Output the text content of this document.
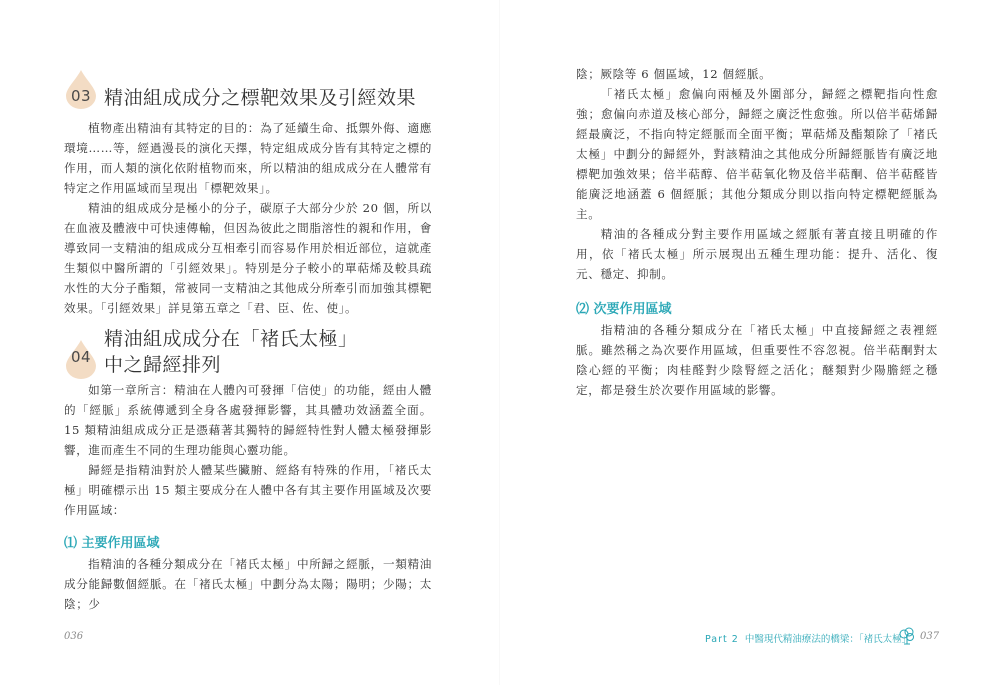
03 精油組成成分之標靶效果及引經效果

植物產出精油有其特定的目的：為了延續生命、抵禦外侮、適應環境……等，經過漫長的演化天擇，特定組成成分皆有其特定之標的作用，而人類的演化依附植物而來，所以精油的組成成分在人體常有特定之作用區域而呈現出「標靶效果」。

精油的組成成分是極小的分子，碳原子大部分少於 20 個，所以在血液及體液中可快速傳輸，但因為彼此之間脂溶性的親和作用，會導致同一支精油的組成成分互相牽引而容易作用於相近部位，這就產生類似中醫所謂的「引經效果」。特別是分子較小的單萜烯及較具疏水性的大分子酯類，常被同一支精油之其他成分所牽引而加強其標靶效果。「引經效果」詳見第五章之「君、臣、佐、使」。

04
精油組成成分在「褚氏太極」
中之歸經排列

如第一章所言：精油在人體內可發揮「信使」的功能，經由人體的「經脈」系統傳遞到全身各處發揮影響，其具體功效涵蓋全面。15 類精油組成成分正是憑藉著其獨特的歸經特性對人體太極發揮影響，進而產生不同的生理功能與心靈功能。

歸經是指精油對於人體某些臟腑、經絡有特殊的作用，「褚氏太極」明確標示出 15 類主要成分在人體中各有其主要作用區域及次要作用區域：

⑴ 主要作用區域

指精油的各種分類成分在「褚氏太極」中所歸之經脈，一類精油成分能歸數個經脈。在「褚氏太極」中劃分為太陽；陽明；少陽；太陰；少

036

陰；厥陰等 6 個區域，12 個經脈。

「褚氏太極」愈偏向兩極及外圍部分，歸經之標靶指向性愈強；愈偏向赤道及核心部分，歸經之廣泛性愈強。所以倍半萜烯歸經最廣泛，不指向特定經脈而全面平衡；單萜烯及酯類除了「褚氏太極」中劃分的歸經外，對該精油之其他成分所歸經脈皆有廣泛地標靶加強效果；倍半萜醇、倍半萜氧化物及倍半萜酮、倍半萜醛皆能廣泛地涵蓋 6 個經脈；其他分類成分則以指向特定標靶經脈為主。

精油的各種成分對主要作用區域之經脈有著直接且明確的作用，依「褚氏太極」所示展現出五種生理功能：提升、活化、復元、穩定、抑制。

⑵ 次要作用區域

指精油的各種分類成分在「褚氏太極」中直接歸經之表裡經脈。雖然稱之為次要作用區域，但重要性不容忽視。倍半萜酮對太陰心經的平衡；肉桂醛對少陰腎經之活化；醚類對少陽膽經之穩定，都是發生於次要作用區域的影響。

Part 2 中醫現代精油療法的橋梁：「褚氏太極」 037
